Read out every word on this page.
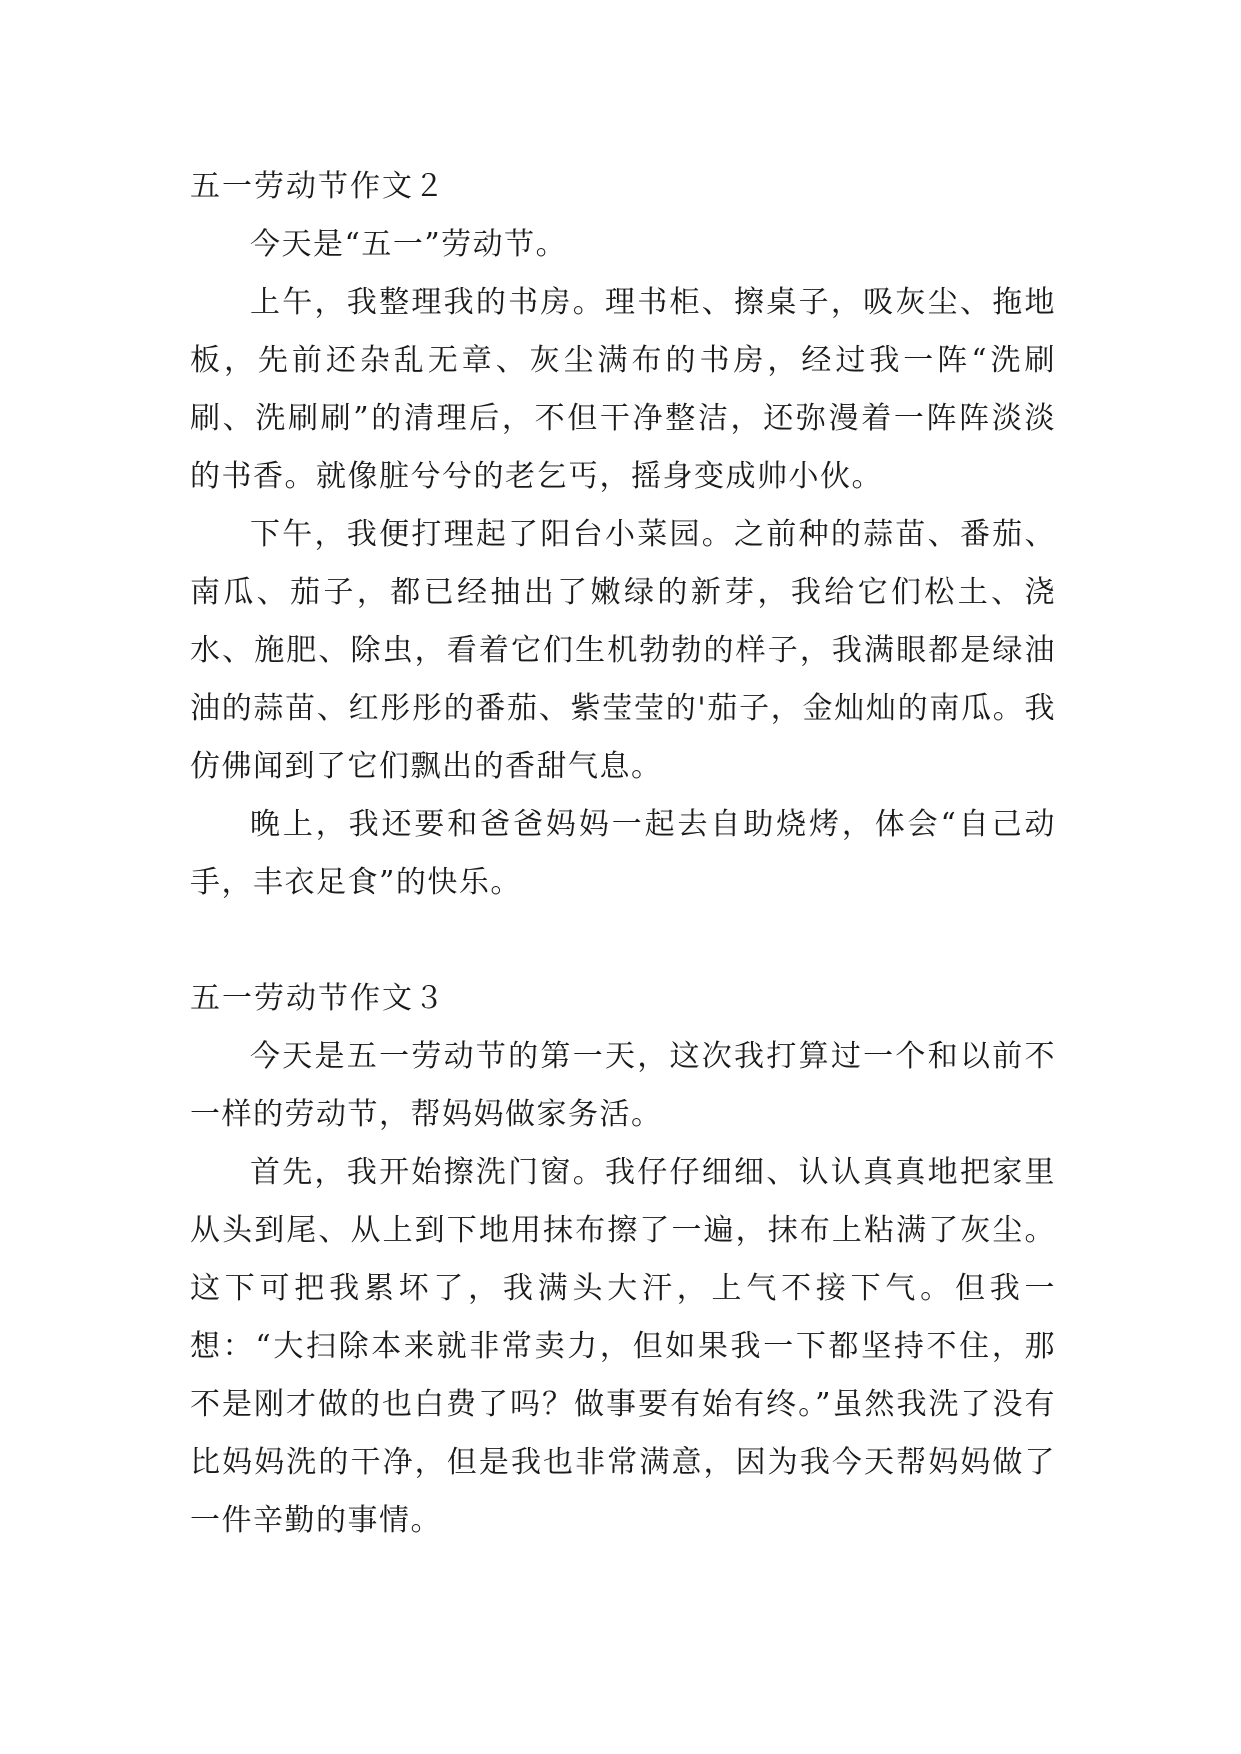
五一劳动节作文２

今天是“五一”劳动节。

上午，我整理我的书房。理书柜、擦桌子，吸灰尘、拖地板，先前还杂乱无章、灰尘满布的书房，经过我一阵“洗刷刷、洗刷刷”的清理后，不但干净整洁，还弥漫着一阵阵淡淡的书香。就像脏兮兮的老乞丐，摇身变成帅小伙。

下午，我便打理起了阳台小菜园。之前种的蒜苗、番茄、南瓜、茄子，都已经抽出了嫩绿的新芽，我给它们松土、浇水、施肥、除虫，看着它们生机勃勃的样子，我满眼都是绿油油的蒜苗、红彤彤的番茄、紫莹莹的'茄子，金灿灿的南瓜。我仿佛闻到了它们飘出的香甜气息。

晚上，我还要和爸爸妈妈一起去自助烧烤，体会“自己动手，丰衣足食”的快乐。

五一劳动节作文３

今天是五一劳动节的第一天，这次我打算过一个和以前不一样的劳动节，帮妈妈做家务活。

首先，我开始擦洗门窗。我仔仔细细、认认真真地把家里从头到尾、从上到下地用抹布擦了一遍，抹布上粘满了灰尘。这下可把我累坏了，我满头大汗，上气不接下气。但我一想：“大扫除本来就非常卖力，但如果我一下都坚持不住，那不是刚才做的也白费了吗？做事要有始有终。”虽然我洗了没有比妈妈洗的干净，但是我也非常满意，因为我今天帮妈妈做了一件辛勤的事情。
